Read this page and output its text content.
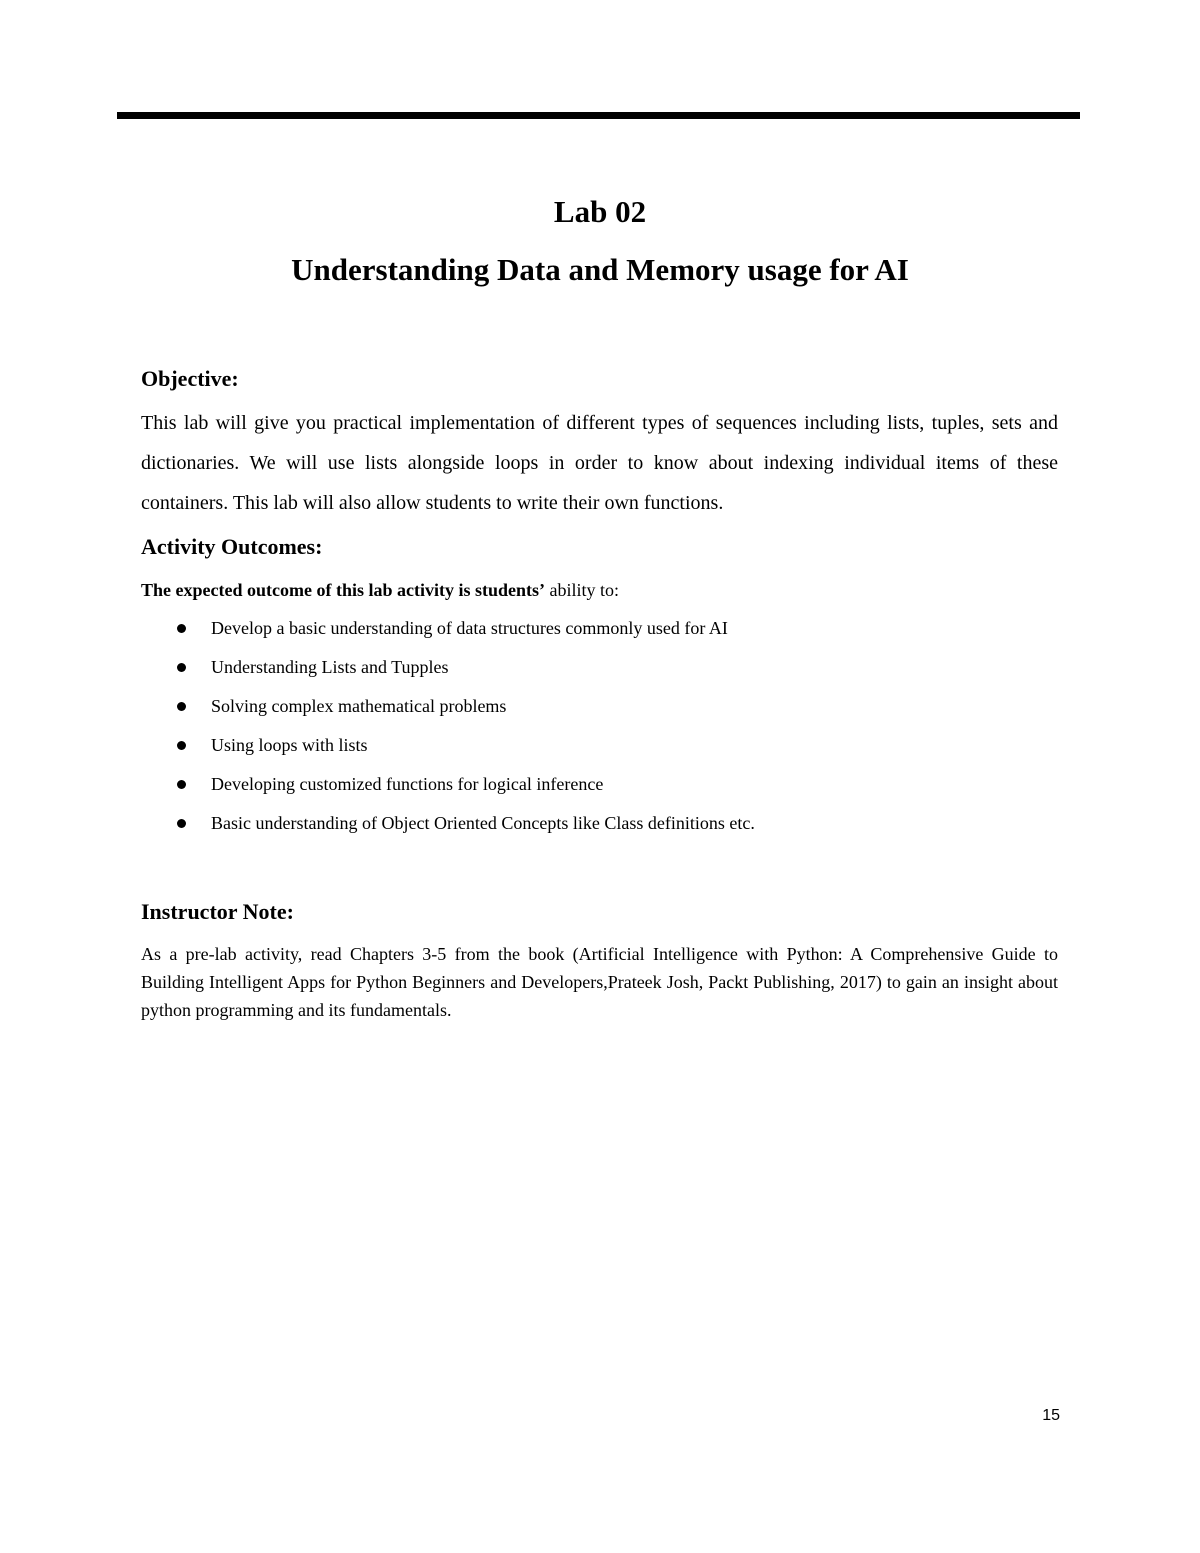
Lab 02
Understanding Data and Memory usage for AI
Objective:

This lab will give you practical implementation of different types of sequences including lists, tuples, sets and dictionaries. We will use lists alongside loops in order to know about indexing individual items of these containers. This lab will also allow students to write their own functions.

Activity Outcomes:

The expected outcome of this lab activity is students’ ability to:

Develop a basic understanding of data structures commonly used for AI
Understanding Lists and Tupples
Solving complex mathematical problems
Using loops with lists
Developing customized functions for logical inference
Basic understanding of Object Oriented Concepts like Class definitions etc.
Instructor Note:

As a pre-lab activity, read Chapters 3-5 from the book (Artificial Intelligence with Python: A Comprehensive Guide to Building Intelligent Apps for Python Beginners and Developers,Prateek Josh, Packt Publishing, 2017) to gain an insight about python programming and its fundamentals.

15
